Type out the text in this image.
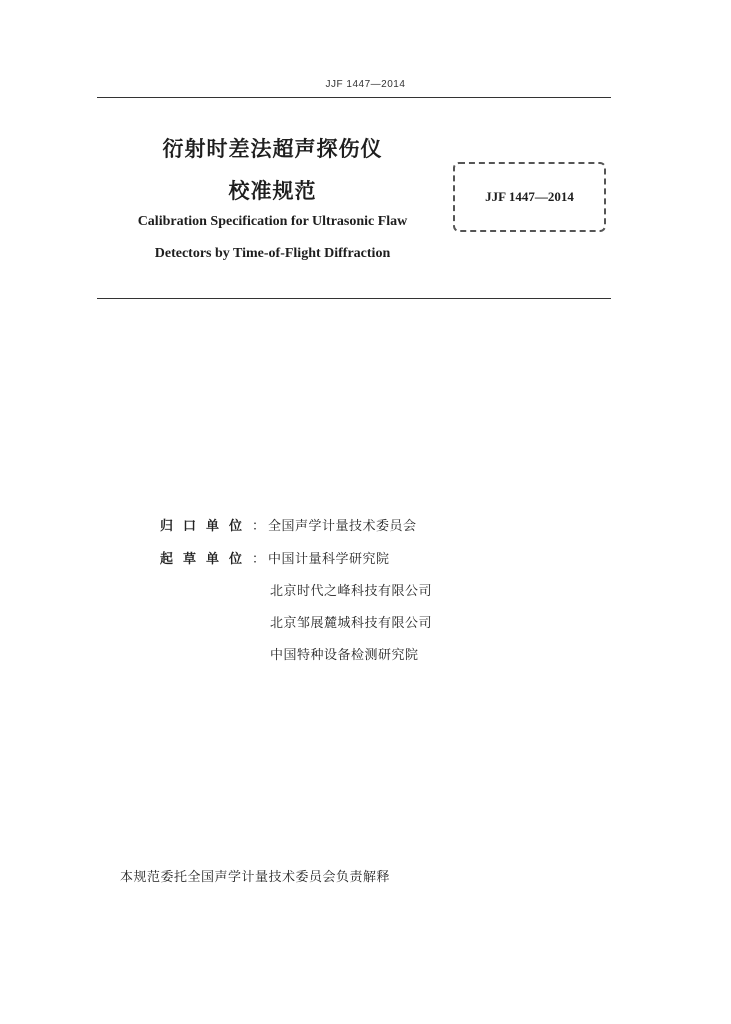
JJF 1447—2014
衍射时差法超声探伤仪
校准规范
Calibration Specification for Ultrasonic Flaw
Detectors by Time-of-Flight Diffraction
JJF 1447—2014
归口单位： 全国声学计量技术委员会
起草单位： 中国计量科学研究院
北京时代之峰科技有限公司
北京邹展麓城科技有限公司
中国特种设备检测研究院
本规范委托全国声学计量技术委员会负责解释
